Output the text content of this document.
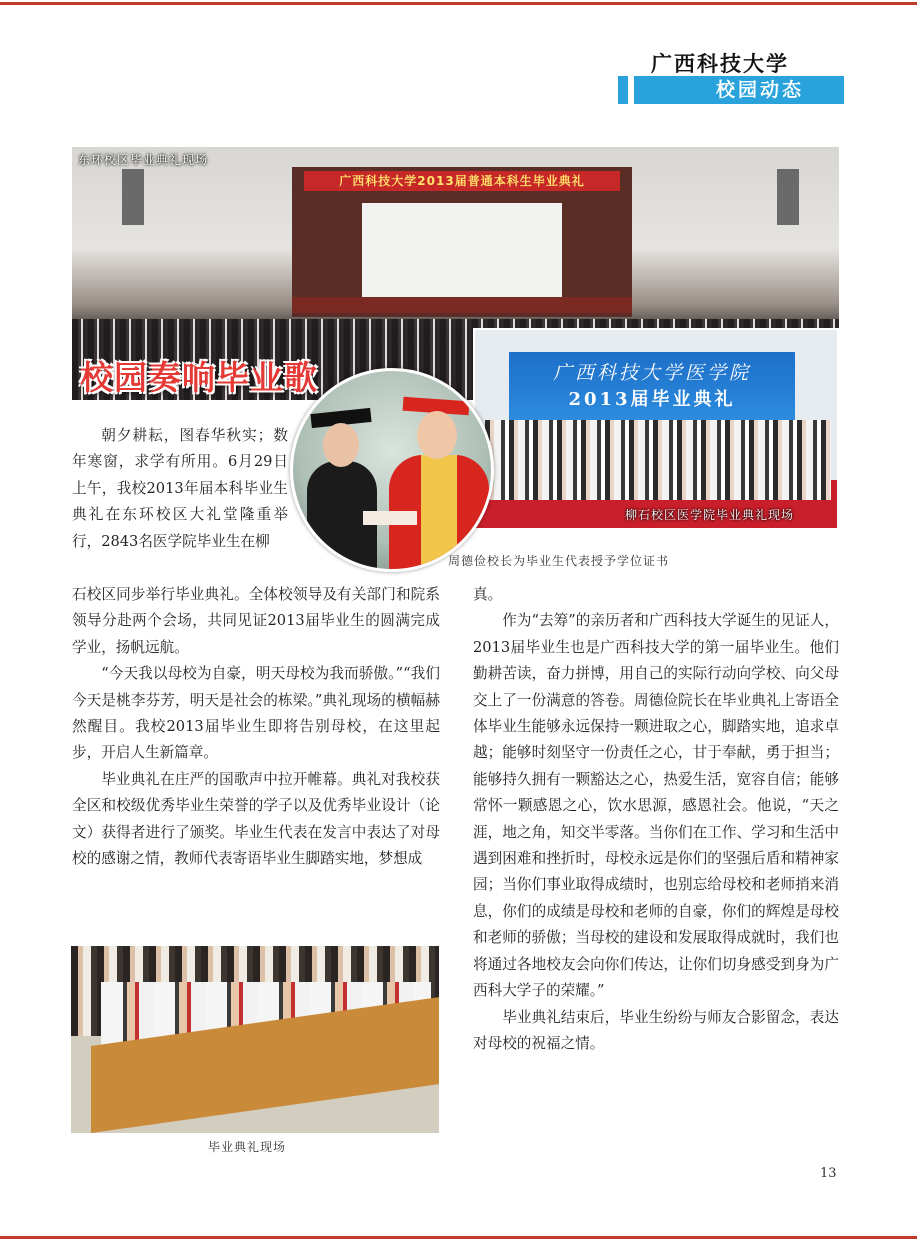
广西科技大学
校园动态
广西科技大学2013届普通本科生毕业典礼
东环校区毕业典礼现场
校园奏响毕业歌	广西科技大学医学院
2013届毕业典礼
柳石校区医学院毕业典礼现场
周德俭校长为毕业生代表授予学位证书

朝夕耕耘，图春华秋实；数年寒窗，求学有所用。6月29日上午，我校2013年届本科毕业生典礼在东环校区大礼堂隆重举行，2843名医学院毕业生在柳

石校区同步举行毕业典礼。全体校领导及有关部门和院系领导分赴两个会场，共同见证2013届毕业生的圆满完成学业，扬帆远航。

“今天我以母校为自豪，明天母校为我而骄傲。”“我们今天是桃李芬芳，明天是社会的栋梁。”典礼现场的横幅赫然醒目。我校2013届毕业生即将告别母校，在这里起步，开启人生新篇章。

毕业典礼在庄严的国歌声中拉开帷幕。典礼对我校获全区和校级优秀毕业生荣誉的学子以及优秀毕业设计（论文）获得者进行了颁奖。毕业生代表在发言中表达了对母校的感谢之情，教师代表寄语毕业生脚踏实地，梦想成

毕业典礼现场

真。

作为“去筹”的亲历者和广西科技大学诞生的见证人，2013届毕业生也是广西科技大学的第一届毕业生。他们勤耕苦读，奋力拼博，用自己的实际行动向学校、向父母交上了一份满意的答卷。周德俭院长在毕业典礼上寄语全体毕业生能够永远保持一颗进取之心，脚踏实地，追求卓越；能够时刻坚守一份责任之心，甘于奉献，勇于担当；能够持久拥有一颗豁达之心，热爱生活，宽容自信；能够常怀一颗感恩之心，饮水思源，感恩社会。他说，“天之涯，地之角，知交半零落。当你们在工作、学习和生活中遇到困难和挫折时，母校永远是你们的坚强后盾和精神家园；当你们事业取得成绩时，也别忘给母校和老师捎来消息，你们的成绩是母校和老师的自豪，你们的辉煌是母校和老师的骄傲；当母校的建设和发展取得成就时，我们也将通过各地校友会向你们传达，让你们切身感受到身为广西科大学子的荣耀。”

毕业典礼结束后，毕业生纷纷与师友合影留念，表达对母校的祝福之情。

13
